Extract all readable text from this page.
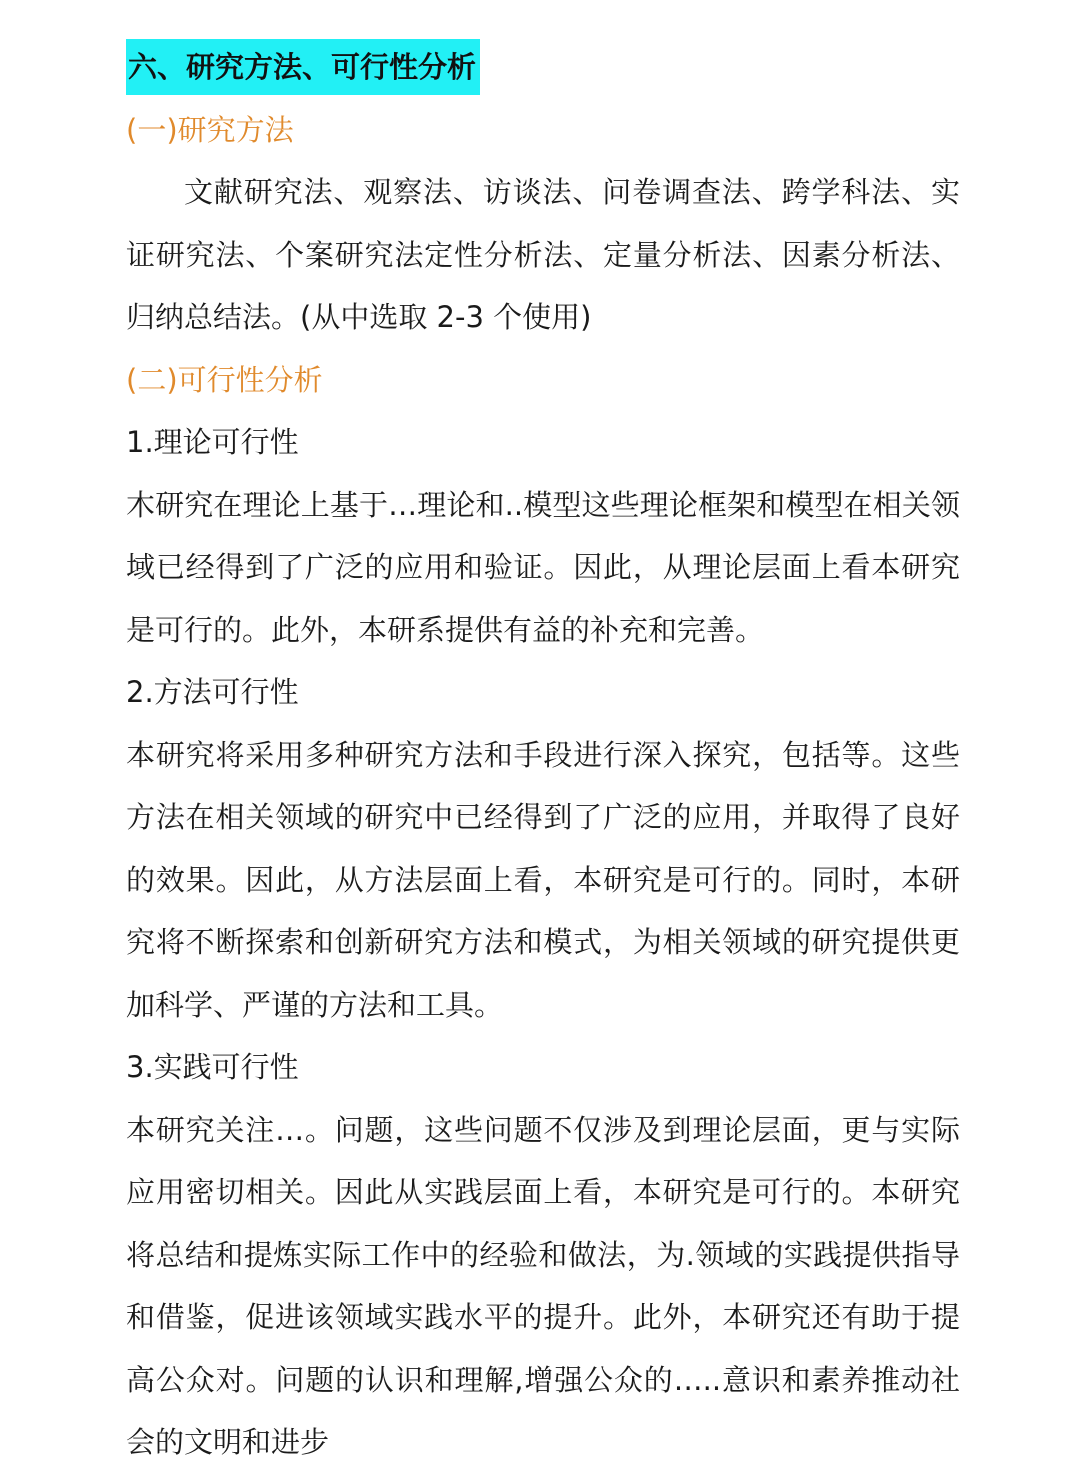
六、研究方法、可行性分析
(一)研究方法

文献研究法、观察法、访谈法、问卷调查法、跨学科法、实证研究法、个案研究法定性分析法、定量分析法、因素分析法、归纳总结法。(从中选取 2-3 个使用)

(二)可行性分析
1.理论可行性

木研究在理论上基于…理论和..模型这些理论框架和模型在相关领域已经得到了广泛的应用和验证。因此，从理论层面上看本研究是可行的。此外，本研系提供有益的补充和完善。

2.方法可行性

本研究将采用多种研究方法和手段进行深入探究，包括等。这些方法在相关领域的研究中已经得到了广泛的应用，并取得了良好的效果。因此，从方法层面上看，本研究是可行的。同时，本研究将不断探索和创新研究方法和模式，为相关领域的研究提供更加科学、严谨的方法和工具。

3.实践可行性

本研究关注…。问题，这些问题不仅涉及到理论层面，更与实际应用密切相关。因此从实践层面上看，本研究是可行的。本研究将总结和提炼实际工作中的经验和做法，为.领域的实践提供指导和借鉴，促进该领域实践水平的提升。此外，本研究还有助于提高公众对。问题的认识和理解,增强公众的…..意识和素养推动社会的文明和进步
